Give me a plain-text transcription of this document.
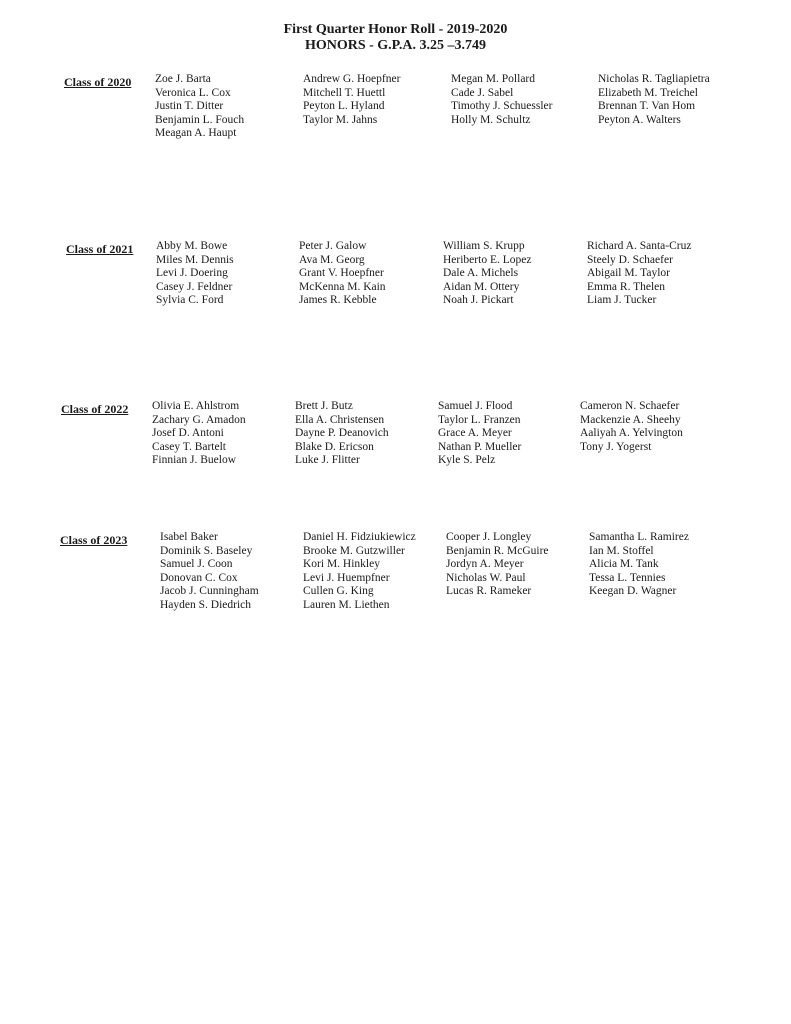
First Quarter Honor Roll - 2019-2020
HONORS - G.P.A. 3.25 –3.749
Class of 2020 Zoe J. Barta
Veronica L. Cox
Justin T. Ditter
Benjamin L. Fouch
Meagan A. Haupt
Andrew G. Hoepfner
Mitchell T. Huettl
Peyton L. Hyland
Taylor M. Jahns
Megan M. Pollard
Cade J. Sabel
Timothy J. Schuessler
Holly M. Schultz
Nicholas R. Tagliapietra
Elizabeth M. Treichel
Brennan T. Van Hom
Peyton A. Walters
Class of 2021 Abby M. Bowe
Miles M. Dennis
Levi J. Doering
Casey J. Feldner
Sylvia C. Ford
Peter J. Galow
Ava M. Georg
Grant V. Hoepfner
McKenna M. Kain
James R. Kebble
William S. Krupp
Heriberto E. Lopez
Dale A. Michels
Aidan M. Ottery
Noah J. Pickart
Richard A. Santa-Cruz
Steely D. Schaefer
Abigail M. Taylor
Emma R. Thelen
Liam J. Tucker
Class of 2022 Olivia E. Ahlstrom
Zachary G. Amadon
Josef D. Antoni
Casey T. Bartelt
Finnian J. Buelow
Brett J. Butz
Ella A. Christensen
Dayne P. Deanovich
Blake D. Ericson
Luke J. Flitter
Samuel J. Flood
Taylor L. Franzen
Grace A. Meyer
Nathan P. Mueller
Kyle S. Pelz
Cameron N. Schaefer
Mackenzie A. Sheehy
Aaliyah A. Yelvington
Tony J. Yogerst
Class of 2023	Isabel Baker
Dominik S. Baseley
Samuel J. Coon
Donovan C. Cox
Jacob J. Cunningham
Hayden S. Diedrich
Daniel H. Fidziukiewicz
Brooke M. Gutzwiller
Kori M. Hinkley
Levi J. Huempfner
Cullen G. King
Lauren M. Liethen
Cooper J. Longley
Benjamin R. McGuire
Jordyn A. Meyer
Nicholas W. Paul
Lucas R. Rameker
Samantha L. Ramirez
Ian M. Stoffel
Alicia M. Tank
Tessa L. Tennies
Keegan D. Wagner
